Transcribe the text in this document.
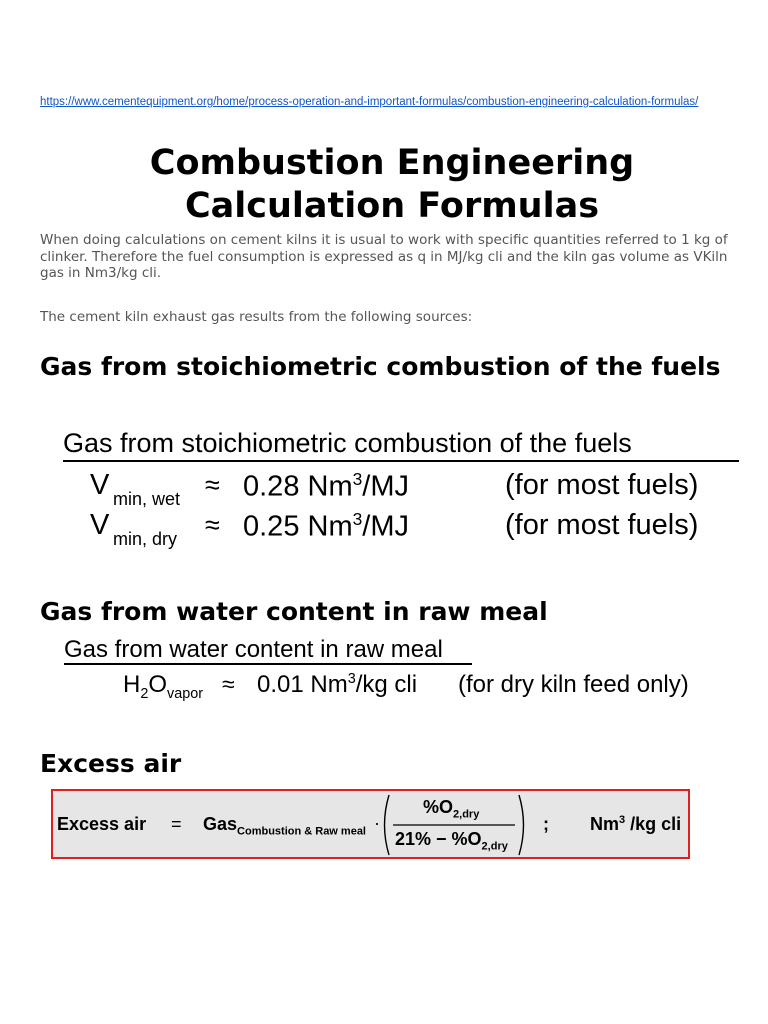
https://www.cementequipment.org/home/process-operation-and-important-formulas/combustion-engineering-calculation-formulas/
Combustion Engineering Calculation Formulas

When doing calculations on cement kilns it is usual to work with specific quantities referred to 1 kg of clinker. Therefore the fuel consumption is expressed as q in MJ/kg cli and the kiln gas volume as VKiln gas in Nm3/kg cli.

The cement kiln exhaust gas results from the following sources:

Gas from stoichiometric combustion of the fuels
Gas from stoichiometric combustion of the fuels
V min, wet ≈ 0.28 Nm$^3$/MJ	(for most fuels)
V min, dry ≈ 0.25 Nm$^3$/MJ	(for most fuels)
Gas from water content in raw meal
Gas from water content in raw meal
$H_2O_{vapor} \approx 0.01$ Nm$^3$/kg cli (for dry kiln feed only)
Excess air
Excess air = Gas$_{Combustion \& Raw meal}$ ·
$\%O_{2,dry}$
$21\% - \%O_{2,dry}$
; Nm$^3$ /kg cli
